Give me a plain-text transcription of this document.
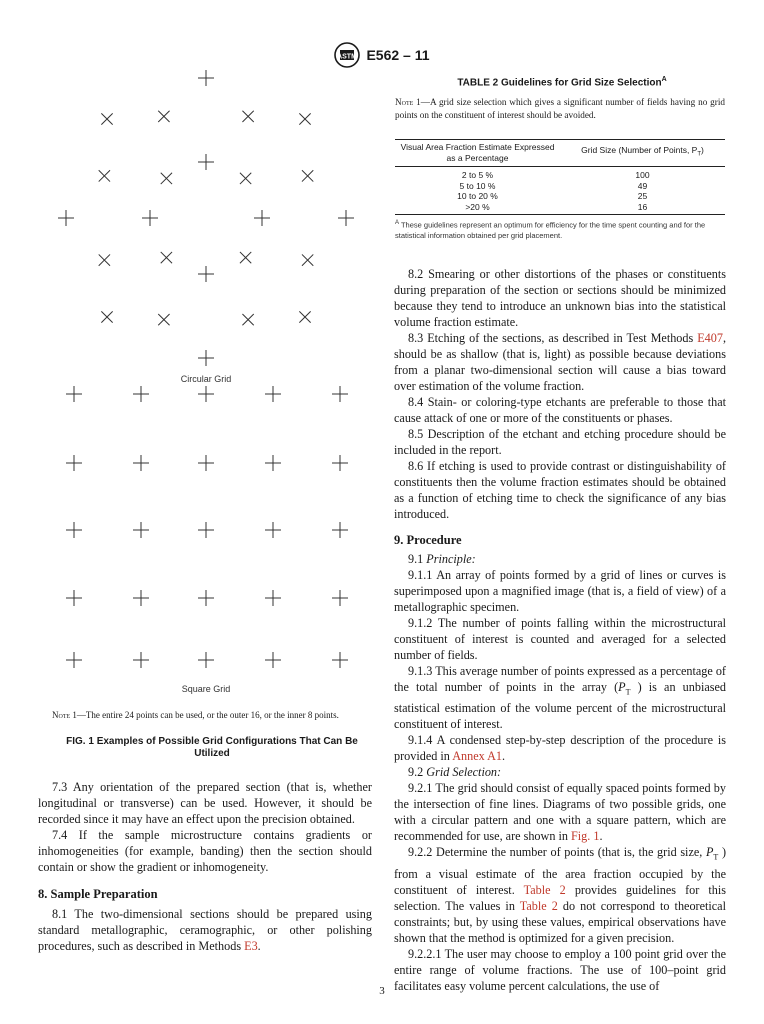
ASTM E562 – 11
Circular Grid
Square Grid
Note 1—The entire 24 points can be used, or the outer 16, or the inner 8 points.
FIG. 1 Examples of Possible Grid Configurations That Can Be Utilized

7.3 Any orientation of the prepared section (that is, whether longitudinal or transverse) can be used. However, it should be recorded since it may have an effect upon the precision obtained.

7.4 If the sample microstructure contains gradients or inhomogeneities (for example, banding) then the section should contain or show the gradient or inhomogeneity.

8. Sample Preparation

8.1 The two-dimensional sections should be prepared using standard metallographic, ceramographic, or other polishing procedures, such as described in Methods E3.

TABLE 2 Guidelines for Grid Size Selection$^A$
Note 1—A grid size selection which gives a significant number of fields having no grid points on the constituent of interest should be avoided.
Visual Area Fraction Estimate Expressed as a Percentage	Grid Size (Number of Points, $P_T$)
2 to 5 %	100
5 to 10 %	49
10 to 20 %	25
>20 %	16
$^A$ These guidelines represent an optimum for efficiency for the time spent counting and for the statistical information obtained per grid placement.

8.2 Smearing or other distortions of the phases or constituents during preparation of the section or sections should be minimized because they tend to introduce an unknown bias into the statistical volume fraction estimate.

8.3 Etching of the sections, as described in Test Methods E407, should be as shallow (that is, light) as possible because deviations from a planar two-dimensional section will cause a bias toward over estimation of the volume fraction.

8.4 Stain- or coloring-type etchants are preferable to those that cause attack of one or more of the constituents or phases.

8.5 Description of the etchant and etching procedure should be included in the report.

8.6 If etching is used to provide contrast or distinguishability of constituents then the volume fraction estimates should be obtained as a function of etching time to check the significance of any bias introduced.

9. Procedure

9.1 Principle:

9.1.1 An array of points formed by a grid of lines or curves is superimposed upon a magnified image (that is, a field of view) of a metallographic specimen.

9.1.2 The number of points falling within the microstructural constituent of interest is counted and averaged for a selected number of fields.

9.1.3 This average number of points expressed as a percentage of the total number of points in the array ($P_T$ ) is an unbiased statistical estimation of the volume percent of the microstructural constituent of interest.

9.1.4 A condensed step-by-step description of the procedure is provided in Annex A1.

9.2 Grid Selection:

9.2.1 The grid should consist of equally spaced points formed by the intersection of fine lines. Diagrams of two possible grids, one with a circular pattern and one with a square pattern, which are recommended for use, are shown in Fig. 1.

9.2.2 Determine the number of points (that is, the grid size, $P_T$ ) from a visual estimate of the area fraction occupied by the constituent of interest. Table 2 provides guidelines for this selection. The values in Table 2 do not correspond to theoretical constraints; but, by using these values, empirical observations have shown that the method is optimized for a given precision.

9.2.2.1 The user may choose to employ a 100 point grid over the entire range of volume fractions. The use of 100–point grid facilitates easy volume percent calculations, the use of

3
